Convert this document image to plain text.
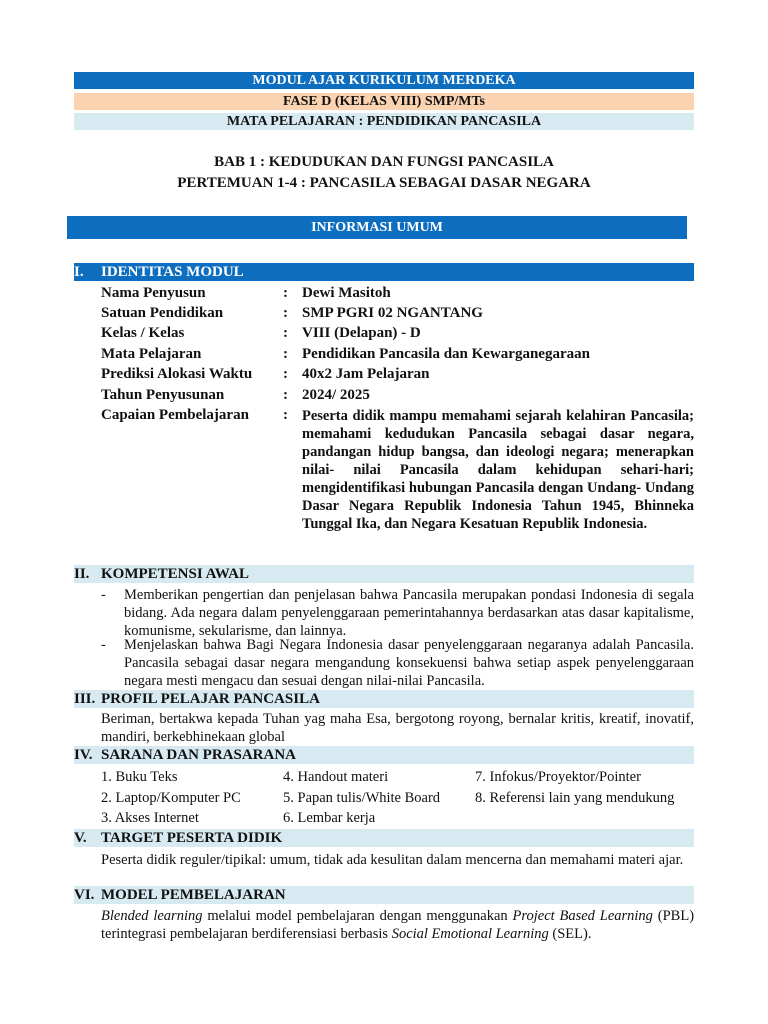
MODUL AJAR KURIKULUM MERDEKA
FASE D (KELAS VIII) SMP/MTs
MATA PELAJARAN : PENDIDIKAN PANCASILA
BAB 1 : KEDUDUKAN DAN FUNGSI PANCASILA
PERTEMUAN 1-4 : PANCASILA SEBAGAI DASAR NEGARA
INFORMASI UMUM
I. IDENTITAS MODUL
Nama Penyusun	: Dewi Masitoh
Satuan Pendidikan	: SMP PGRI 02 NGANTANG
Kelas / Kelas	: VIII (Delapan) - D
Mata Pelajaran	: Pendidikan Pancasila dan Kewarganegaraan
Prediksi Alokasi Waktu : 40x2 Jam Pelajaran
Tahun Penyusunan	: 2024/ 2025
Capaian Pembelajaran : Peserta didik mampu memahami sejarah kelahiran Pancasila; memahami kedudukan Pancasila sebagai dasar negara, pandangan hidup bangsa, dan ideologi negara; menerapkan nilai- nilai Pancasila dalam kehidupan sehari-hari; mengidentifikasi hubungan Pancasila dengan Undang- Undang Dasar Negara Republik Indonesia Tahun 1945, Bhinneka Tunggal Ika, dan Negara Kesatuan Republik Indonesia.
II. KOMPETENSI AWAL
- Memberikan pengertian dan penjelasan bahwa Pancasila merupakan pondasi Indonesia di segala bidang. Ada negara dalam penyelenggaraan pemerintahannya berdasarkan atas dasar kapitalisme, komunisme, sekularisme, dan lainnya.
- Menjelaskan bahwa Bagi Negara Indonesia dasar penyelenggaraan negaranya adalah Pancasila. Pancasila sebagai dasar negara mengandung konsekuensi bahwa setiap aspek penyelenggaraan negara mesti mengacu dan sesuai dengan nilai-nilai Pancasila.
III. PROFIL PELAJAR PANCASILA
Beriman, bertakwa kepada Tuhan yag maha Esa, bergotong royong, bernalar kritis, kreatif, inovatif, mandiri, berkebhinekaan global
IV. SARANA DAN PRASARANA
1. Buku Teks	4. Handout materi	7. Infokus/Proyektor/Pointer
2. Laptop/Komputer PC	5. Papan tulis/White Board 8. Referensi lain yang mendukung
3. Akses Internet	6. Lembar kerja
V. TARGET PESERTA DIDIK
Peserta didik reguler/tipikal: umum, tidak ada kesulitan dalam mencerna dan memahami materi ajar.
VI. MODEL PEMBELAJARAN
Blended learning melalui model pembelajaran dengan menggunakan Project Based Learning (PBL) terintegrasi pembelajaran berdiferensiasi berbasis Social Emotional Learning (SEL).
